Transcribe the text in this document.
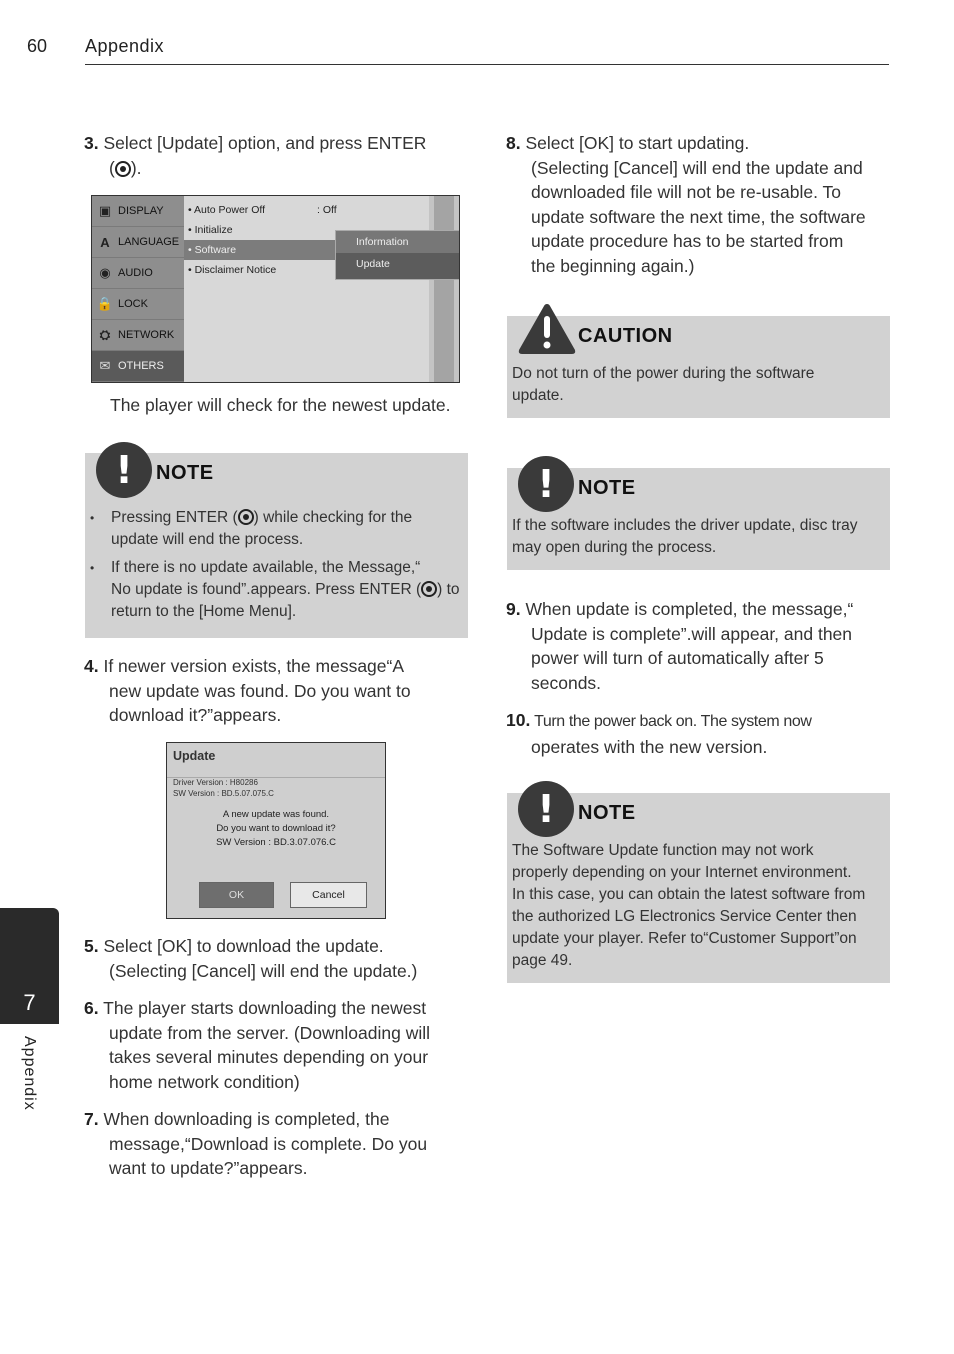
60 Appendix
3. Select [Update] option, and press ENTER
( ).
▣ DISPLAY
A LANGUAGE
◉ AUDIO
🔒 LOCK
⛭ NETWORK
✉ OTHERS
• Auto Power Off	: Off
• Initialize
• Software
• Disclaimer Notice
Information
Update
The player will check for the newest update.
!	NOTE
• Pressing ENTER ( ) while checking for the
update will end the process.
• If there is no update available, the Message,“
No update is found”.appears. Press ENTER ( ) to
return to the [Home Menu].
4. If newer version exists, the message“A
new update was found. Do you want to
download it?”appears.
Update
Driver Version : H80286
SW Version : BD.5.07.075.C
A new update was found.
Do you want to download it?
SW Version : BD.3.07.076.C
OK	Cancel
5. Select [OK] to download the update.
(Selecting [Cancel] will end the update.)
6. The player starts downloading the newest
update from the server. (Downloading will
takes several minutes depending on your
home network condition)
7. When downloading is completed, the
message,“Download is complete. Do you
want to update?”appears.
8. Select [OK] to start updating.
(Selecting [Cancel] will end the update and
downloaded file will not be re-usable. To
update software the next time, the software
update procedure has to be started from
the beginning again.)
CAUTION
Do not turn of the power during the software
update.
!	NOTE
If the software includes the driver update, disc tray
may open during the process.
9. When update is completed, the message,“
Update is complete”.will appear, and then
power will turn of automatically after 5
seconds.
10. Turn the power back on. The system now
operates with the new version.
!	NOTE
The Software Update function may not work
properly depending on your Internet environment.
In this case, you can obtain the latest software from
the authorized LG Electronics Service Center then
update your player. Refer to“Customer Support”on
page 49.
7
Appendix
